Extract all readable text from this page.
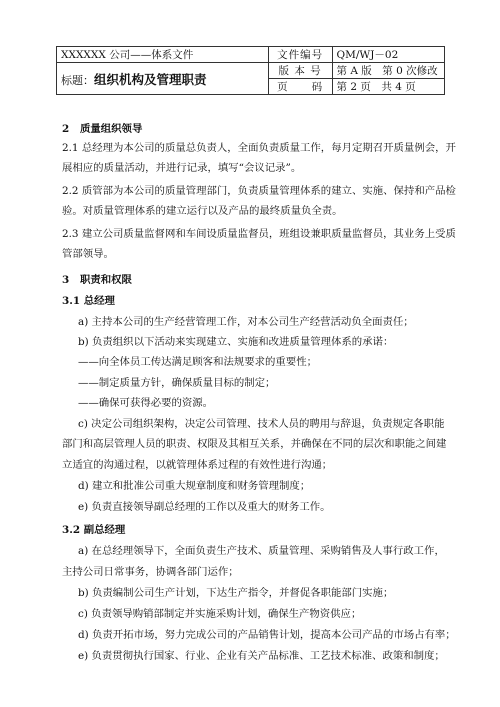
XXXXXX 公司——体系文件	文件编号	QM/WJ－02
标题：组织机构及管理职责	版 本 号	第 A 版　第 0 次修改
	页　　码	第 2 页　共 4 页
2 质量组织领导
2.1 总经理为本公司的质量总负责人，全面负责质量工作，每月定期召开质量例会，开
展相应的质量活动，并进行记录，填写“会议记录”。
2.2 质管部为本公司的质量管理部门，负责质量管理体系的建立、实施、保持和产品检
验。对质量管理体系的建立运行以及产品的最终质量负全责。
2.3 建立公司质量监督网和车间设质量监督员，班组设兼职质量监督员，其业务上受质
管部领导。
3 职责和权限
3.1 总经理
a) 主持本公司的生产经营管理工作，对本公司生产经营活动负全面责任；
b) 负责组织以下活动来实现建立、实施和改进质量管理体系的承诺：
——向全体员工传达满足顾客和法规要求的重要性；
——制定质量方针，确保质量目标的制定；
——确保可获得必要的资源。
c) 决定公司组织架构，决定公司管理、技术人员的聘用与辞退，负责规定各职能
部门和高层管理人员的职责、权限及其相互关系，并确保在不同的层次和职能之间建
立适宜的沟通过程，以就管理体系过程的有效性进行沟通；
d) 建立和批准公司重大规章制度和财务管理制度；
e) 负责直接领导副总经理的工作以及重大的财务工作。
3.2 副总经理
a) 在总经理领导下，全面负责生产技术、质量管理、采购销售及人事行政工作，
主持公司日常事务，协调各部门运作；
b) 负责编制公司生产计划，下达生产指令，并督促各职能部门实施；
c) 负责领导购销部制定并实施采购计划，确保生产物资供应；
d) 负责开拓市场，努力完成公司的产品销售计划，提高本公司产品的市场占有率；
e) 负责贯彻执行国家、行业、企业有关产品标准、工艺技术标准、政策和制度；
